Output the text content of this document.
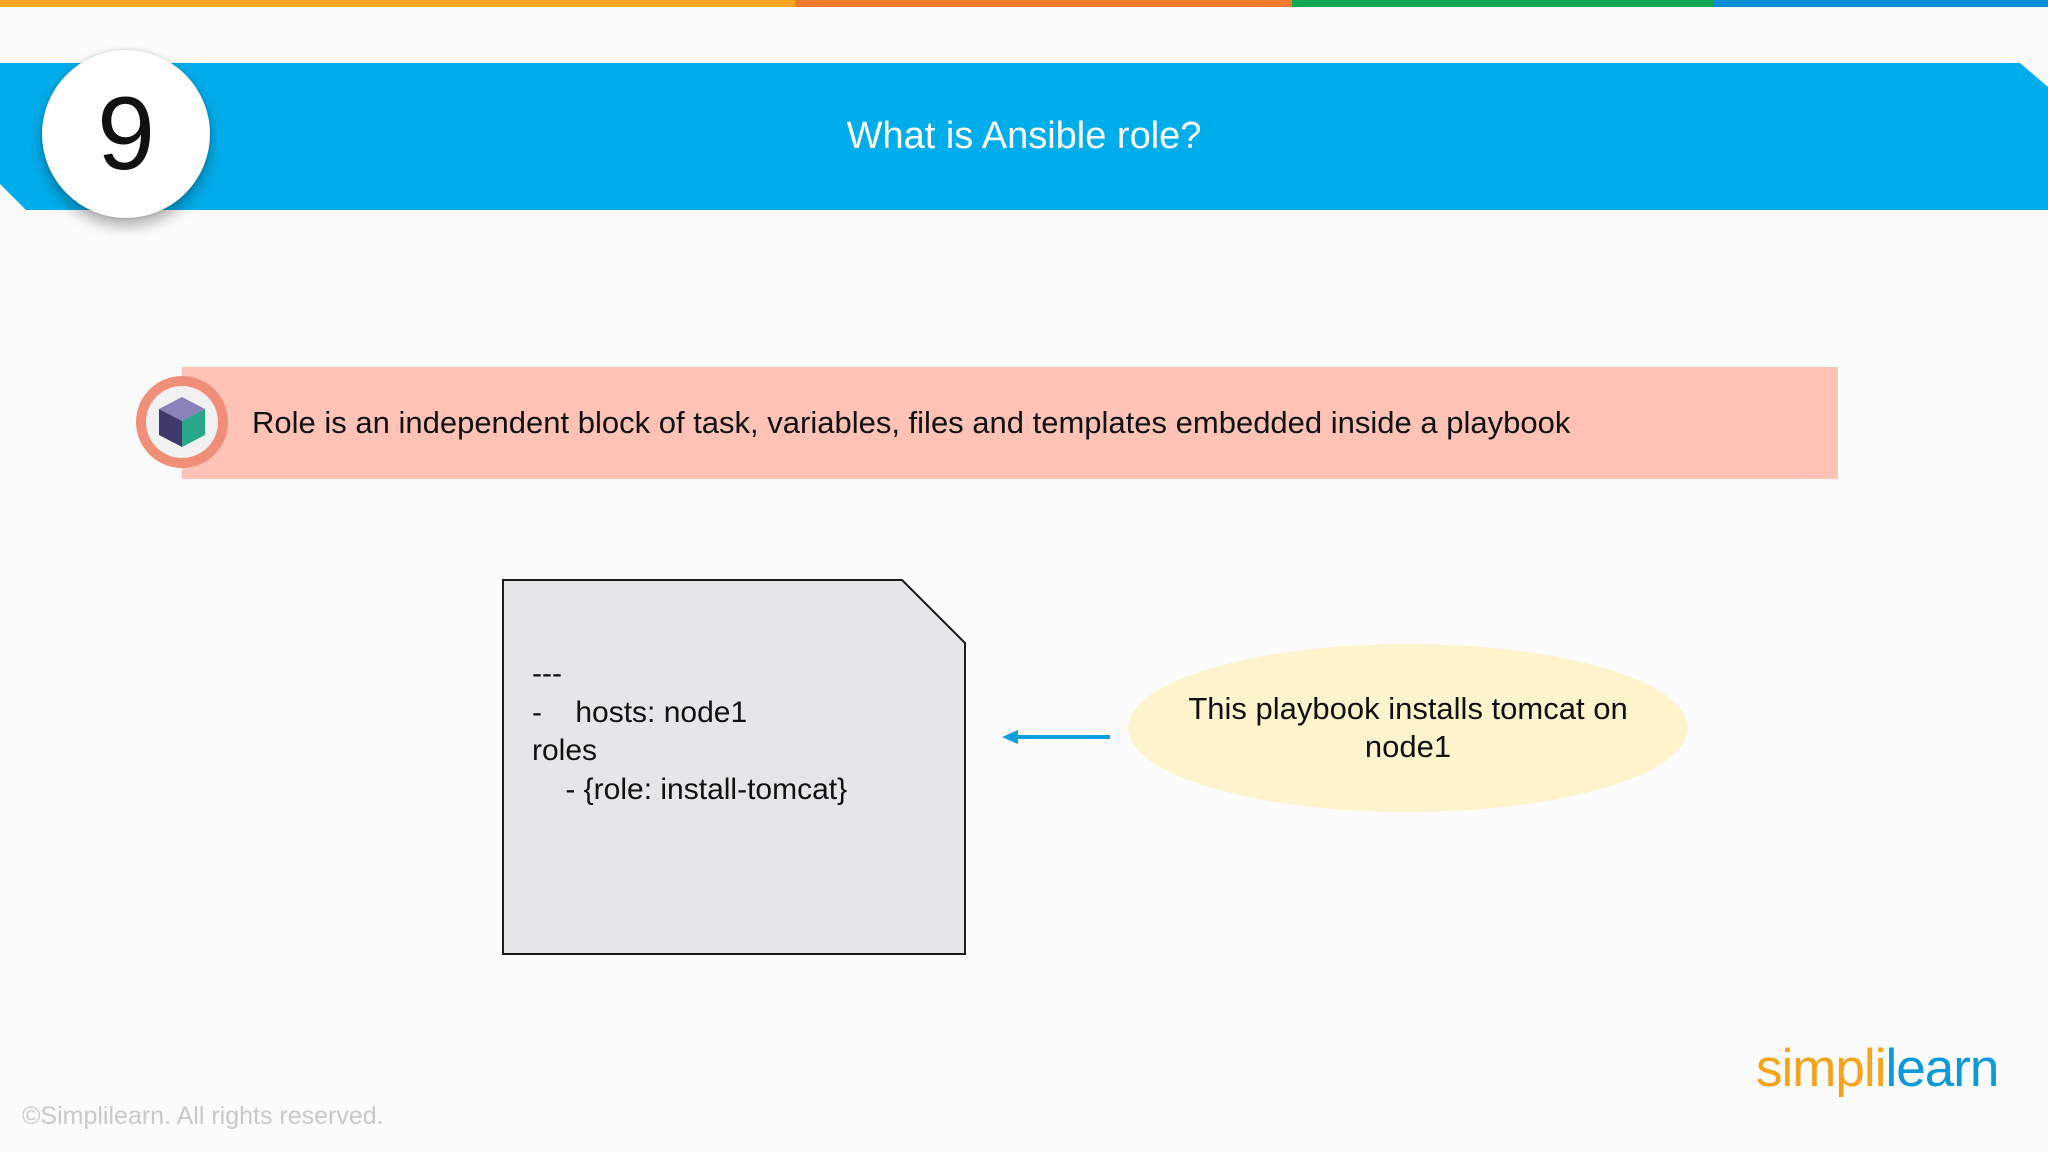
What is Ansible role?
9
Role is an independent block of task, variables, files and templates embedded inside a playbook
---
-    hosts: node1
roles
- {role: install-tomcat}
This playbook installs tomcat on node1
©Simplilearn. All rights reserved.
simplilearn
